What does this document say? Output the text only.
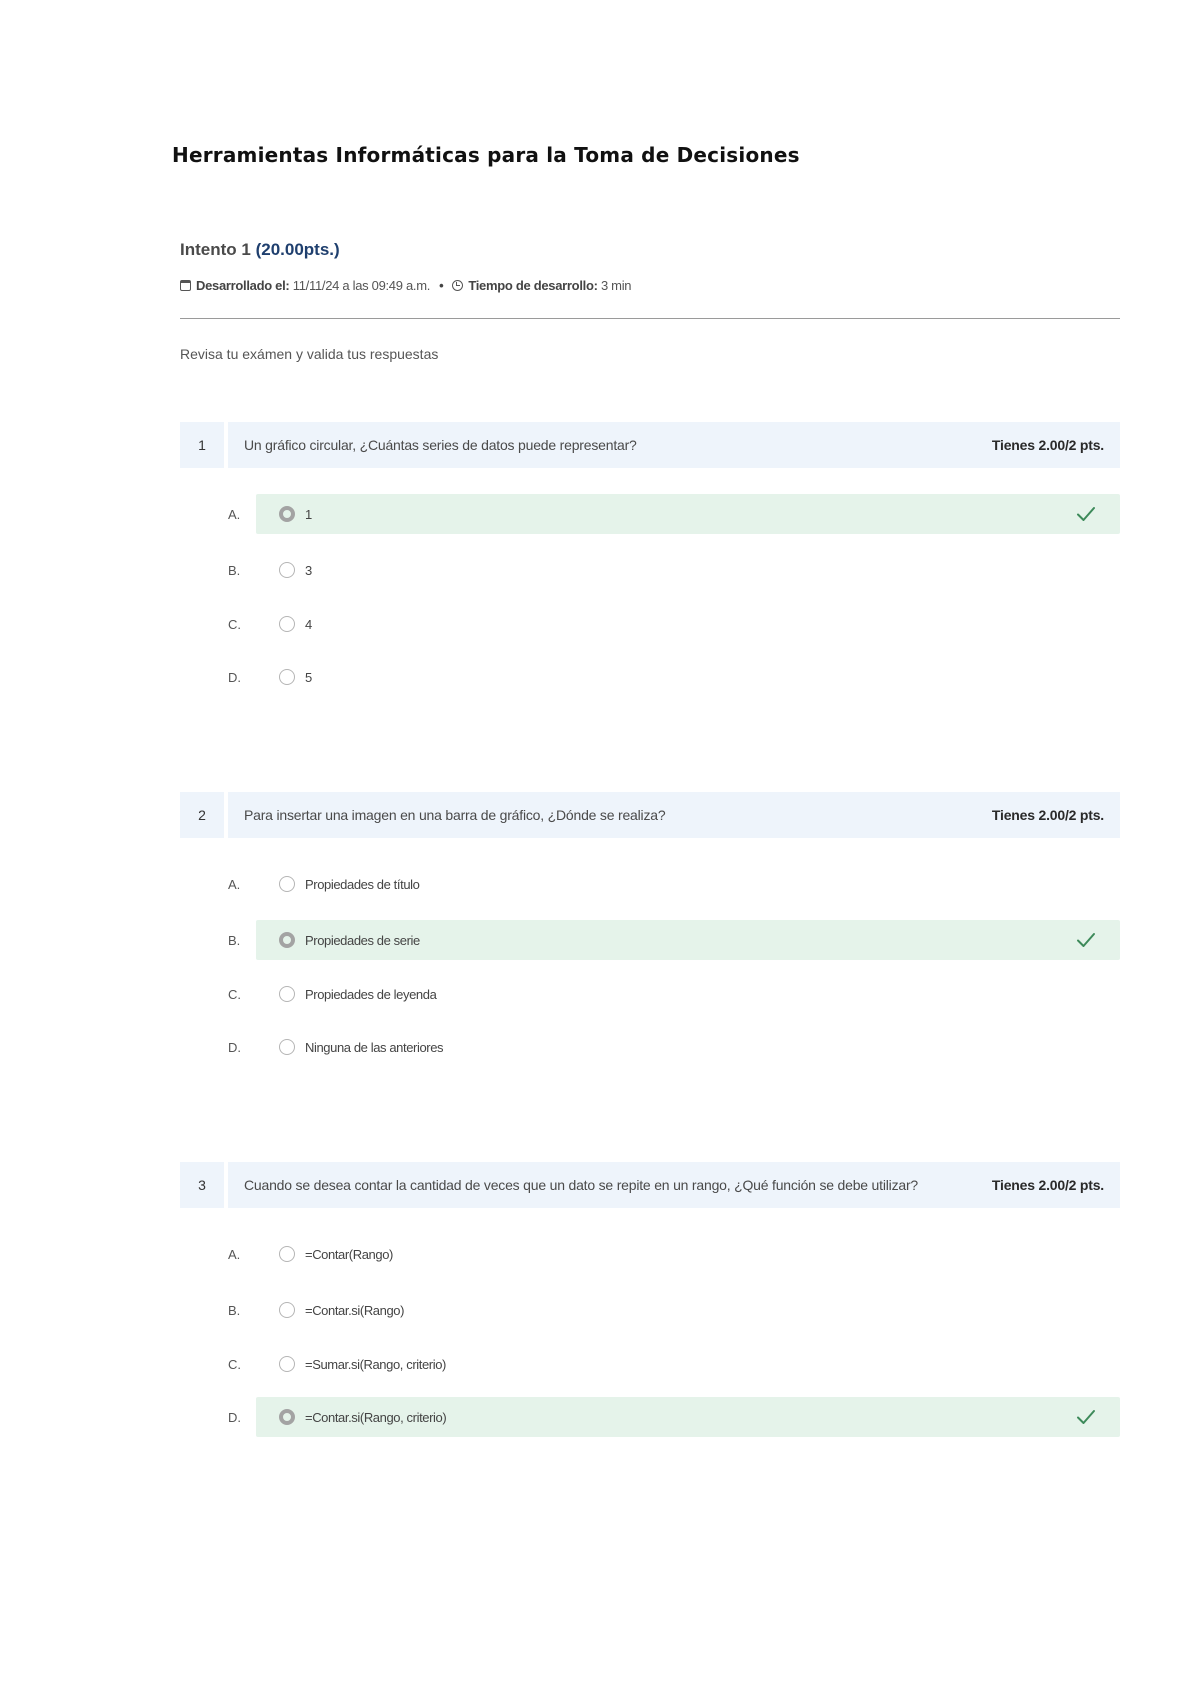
Herramientas Informáticas para la Toma de Decisiones
Intento 1 (20.00pts.)
Desarrollado el:
11/11/24 a las 09:49 a.m. • Tiempo de desarrollo:
3 min
Revisa tu exámen y valida tus respuestas
1	Un gráfico circular, ¿Cuántas series de datos puede representar?	Tienes 2.00/2 pts.
A.	1
B.	3
C.	4
D.	5
2	Para insertar una imagen en una barra de gráfico, ¿Dónde se realiza?	Tienes 2.00/2 pts.
A.	Propiedades de título
B.	Propiedades de serie
C.	Propiedades de leyenda
D.	Ninguna de las anteriores
3	Cuando se desea contar la cantidad de veces que un dato se repite en un rango, ¿Qué función se debe utilizar?	Tienes 2.00/2 pts.
A.	=Contar(Rango)
B.	=Contar.si(Rango)
C.	=Sumar.si(Rango, criterio)
D.	=Contar.si(Rango, criterio)
